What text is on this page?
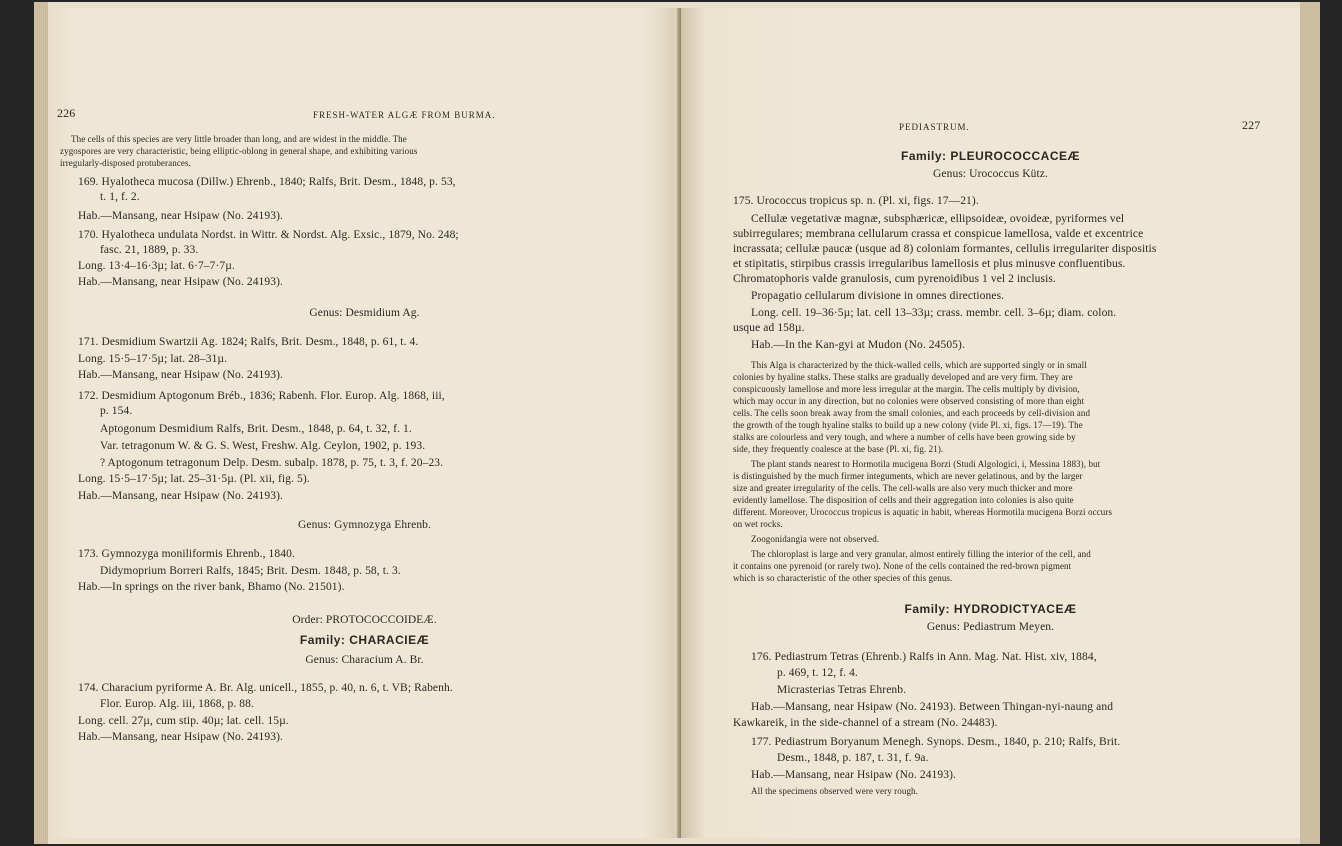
226	FRESH-WATER ALGÆ FROM BURMA.
The cells of this species are very little broader than long, and are widest in the middle. The
zygospores are very characteristic, being elliptic-oblong in general shape, and exhibiting various
irregularly-disposed protuberances.
169. Hyalotheca mucosa (Dillw.) Ehrenb., 1840; Ralfs, Brit. Desm., 1848, p. 53,
t. 1, f. 2.
Hab.—Mansang, near Hsipaw (No. 24193).
170. Hyalotheca undulata Nordst. in Wittr. & Nordst. Alg. Exsic., 1879, No. 248;
fasc. 21, 1889, p. 33.
Long. 13·4–16·3µ; lat. 6·7–7·7µ.
Hab.—Mansang, near Hsipaw (No. 24193).
Genus: Desmidium Ag.
171. Desmidium Swartzii Ag. 1824; Ralfs, Brit. Desm., 1848, p. 61, t. 4.
Long. 15·5–17·5µ; lat. 28–31µ.
Hab.—Mansang, near Hsipaw (No. 24193).
172. Desmidium Aptogonum Bréb., 1836; Rabenh. Flor. Europ. Alg. 1868, iii,
p. 154.
Aptogonum Desmidium Ralfs, Brit. Desm., 1848, p. 64, t. 32, f. 1.
Var. tetragonum W. & G. S. West, Freshw. Alg. Ceylon, 1902, p. 193.
? Aptogonum tetragonum Delp. Desm. subalp. 1878, p. 75, t. 3, f. 20–23.
Long. 15·5–17·5µ; lat. 25–31·5µ. (Pl. xii, fig. 5).
Hab.—Mansang, near Hsipaw (No. 24193).
Genus: Gymnozyga Ehrenb.
173. Gymnozyga moniliformis Ehrenb., 1840.
Didymoprium Borreri Ralfs, 1845; Brit. Desm. 1848, p. 58, t. 3.
Hab.—In springs on the river bank, Bhamo (No. 21501).
Order: PROTOCOCCOIDEÆ.
Family: CHARACIEÆ
Genus: Characium A. Br.
174. Characium pyriforme A. Br. Alg. unicell., 1855, p. 40, n. 6, t. VB; Rabenh.
Flor. Europ. Alg. iii, 1868, p. 88.
Long. cell. 27µ, cum stip. 40µ; lat. cell. 15µ.
Hab.—Mansang, near Hsipaw (No. 24193).
PEDIASTRUM.	227
Family: PLEUROCOCCACEÆ
Genus: Urococcus Kütz.
175. Urococcus tropicus sp. n. (Pl. xi, figs. 17—21).
Cellulæ vegetativæ magnæ, subsphæricæ, ellipsoideæ, ovoideæ, pyriformes vel
subirregulares; membrana cellularum crassa et conspicue lamellosa, valde et excentrice
incrassata; cellulæ paucæ (usque ad 8) coloniam formantes, cellulis irregulariter dispositis
et stipitatis, stirpibus crassis irregularibus lamellosis et plus minusve confluentibus.
Chromatophoris valde granulosis, cum pyrenoidibus 1 vel 2 inclusis.
Propagatio cellularum divisione in omnes directiones.
Long. cell. 19–36·5µ; lat. cell 13–33µ; crass. membr. cell. 3–6µ; diam. colon.
usque ad 158µ.
Hab.—In the Kan-gyi at Mudon (No. 24505).
This Alga is characterized by the thick-walled cells, which are supported singly or in small
colonies by hyaline stalks. These stalks are gradually developed and are very firm. They are
conspicuously lamellose and more less irregular at the margin. The cells multiply by division,
which may occur in any direction, but no colonies were observed consisting of more than eight
cells. The cells soon break away from the small colonies, and each proceeds by cell-division and
the growth of the tough hyaline stalks to build up a new colony (vide Pl. xi, figs. 17—19). The
stalks are colourless and very tough, and where a number of cells have been growing side by
side, they frequently coalesce at the base (Pl. xi, fig. 21).
The plant stands nearest to Hormotila mucigena Borzi (Studi Algologici, i, Messina 1883), but
is distinguished by the much firmer integuments, which are never gelatinous, and by the larger
size and greater irregularity of the cells. The cell-walls are also very much thicker and more
evidently lamellose. The disposition of cells and their aggregation into colonies is also quite
different. Moreover, Urococcus tropicus is aquatic in habit, whereas Hormotila mucigena Borzi occurs
on wet rocks.
Zoogonidangia were not observed.
The chloroplast is large and very granular, almost entirely filling the interior of the cell, and
it contains one pyrenoid (or rarely two). None of the cells contained the red-brown pigment
which is so characteristic of the other species of this genus.
Family: HYDRODICTYACEÆ
Genus: Pediastrum Meyen.
176. Pediastrum Tetras (Ehrenb.) Ralfs in Ann. Mag. Nat. Hist. xiv, 1884,
p. 469, t. 12, f. 4.
Micrasterias Tetras Ehrenb.
Hab.—Mansang, near Hsipaw (No. 24193). Between Thingan-nyi-naung and
Kawkareik, in the side-channel of a stream (No. 24483).
177. Pediastrum Boryanum Menegh. Synops. Desm., 1840, p. 210; Ralfs, Brit.
Desm., 1848, p. 187, t. 31, f. 9a.
Hab.—Mansang, near Hsipaw (No. 24193).
All the specimens observed were very rough.
